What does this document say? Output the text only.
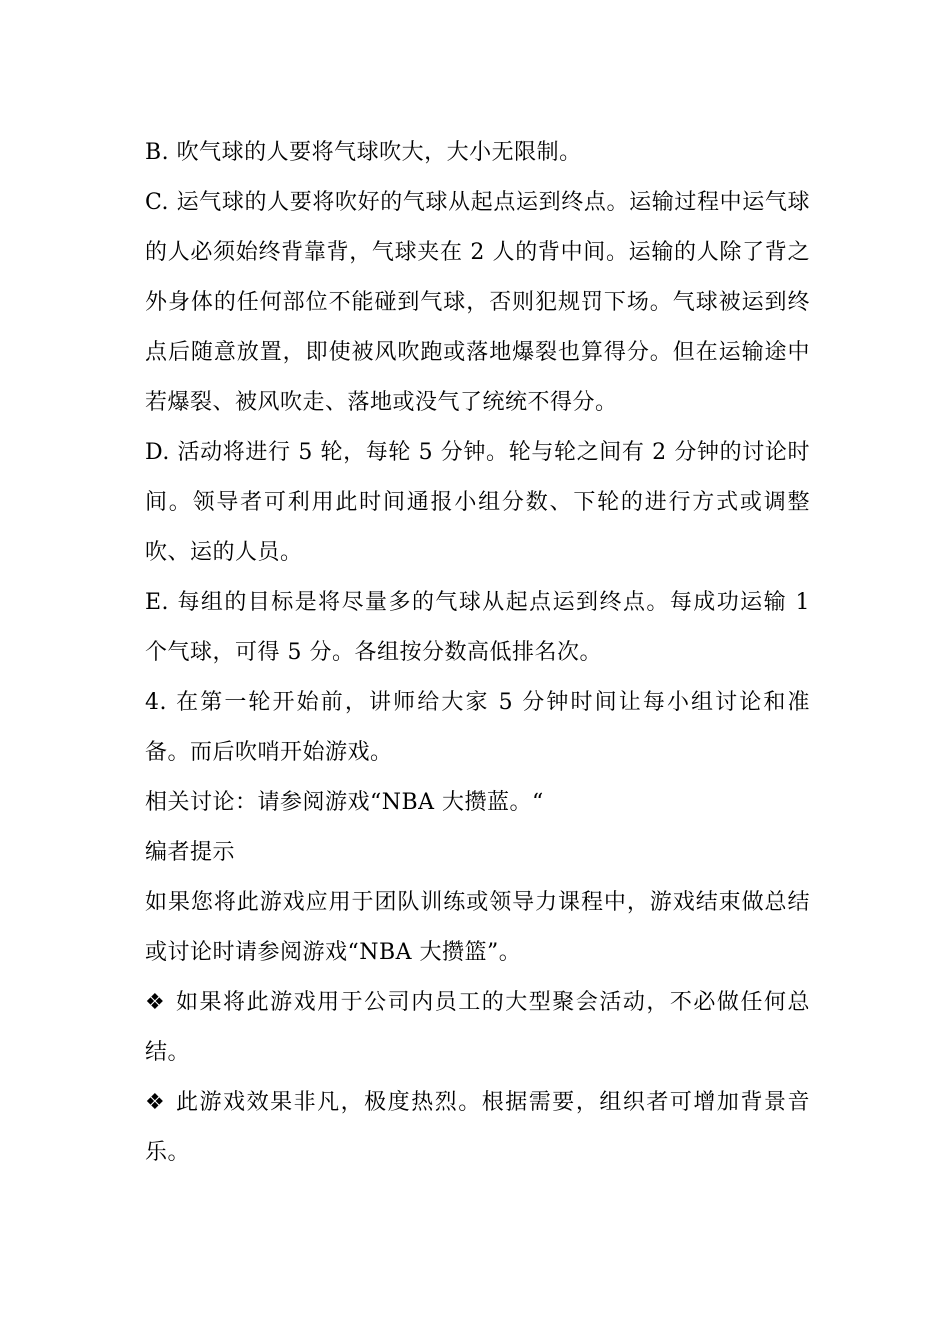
B. 吹气球的人要将气球吹大，大小无限制。

C. 运气球的人要将吹好的气球从起点运到终点。运输过程中运气球的人必须始终背靠背，气球夹在 2 人的背中间。运输的人除了背之外身体的任何部位不能碰到气球，否则犯规罚下场。气球被运到终点后随意放置，即使被风吹跑或落地爆裂也算得分。但在运输途中若爆裂、被风吹走、落地或没气了统统不得分。

D. 活动将进行 5 轮，每轮 5 分钟。轮与轮之间有 2 分钟的讨论时间。领导者可利用此时间通报小组分数、下轮的进行方式或调整吹、运的人员。

E. 每组的目标是将尽量多的气球从起点运到终点。每成功运输 1 个气球，可得 5 分。各组按分数高低排名次。

4. 在第一轮开始前，讲师给大家 5 分钟时间让每小组讨论和准备。而后吹哨开始游戏。

相关讨论：请参阅游戏“NBA 大攒蓝。“

编者提示

如果您将此游戏应用于团队训练或领导力课程中，游戏结束做总结或讨论时请参阅游戏“NBA 大攒篮”。

❖ 如果将此游戏用于公司内员工的大型聚会活动，不必做任何总结。

❖ 此游戏效果非凡，极度热烈。根据需要，组织者可增加背景音乐。
